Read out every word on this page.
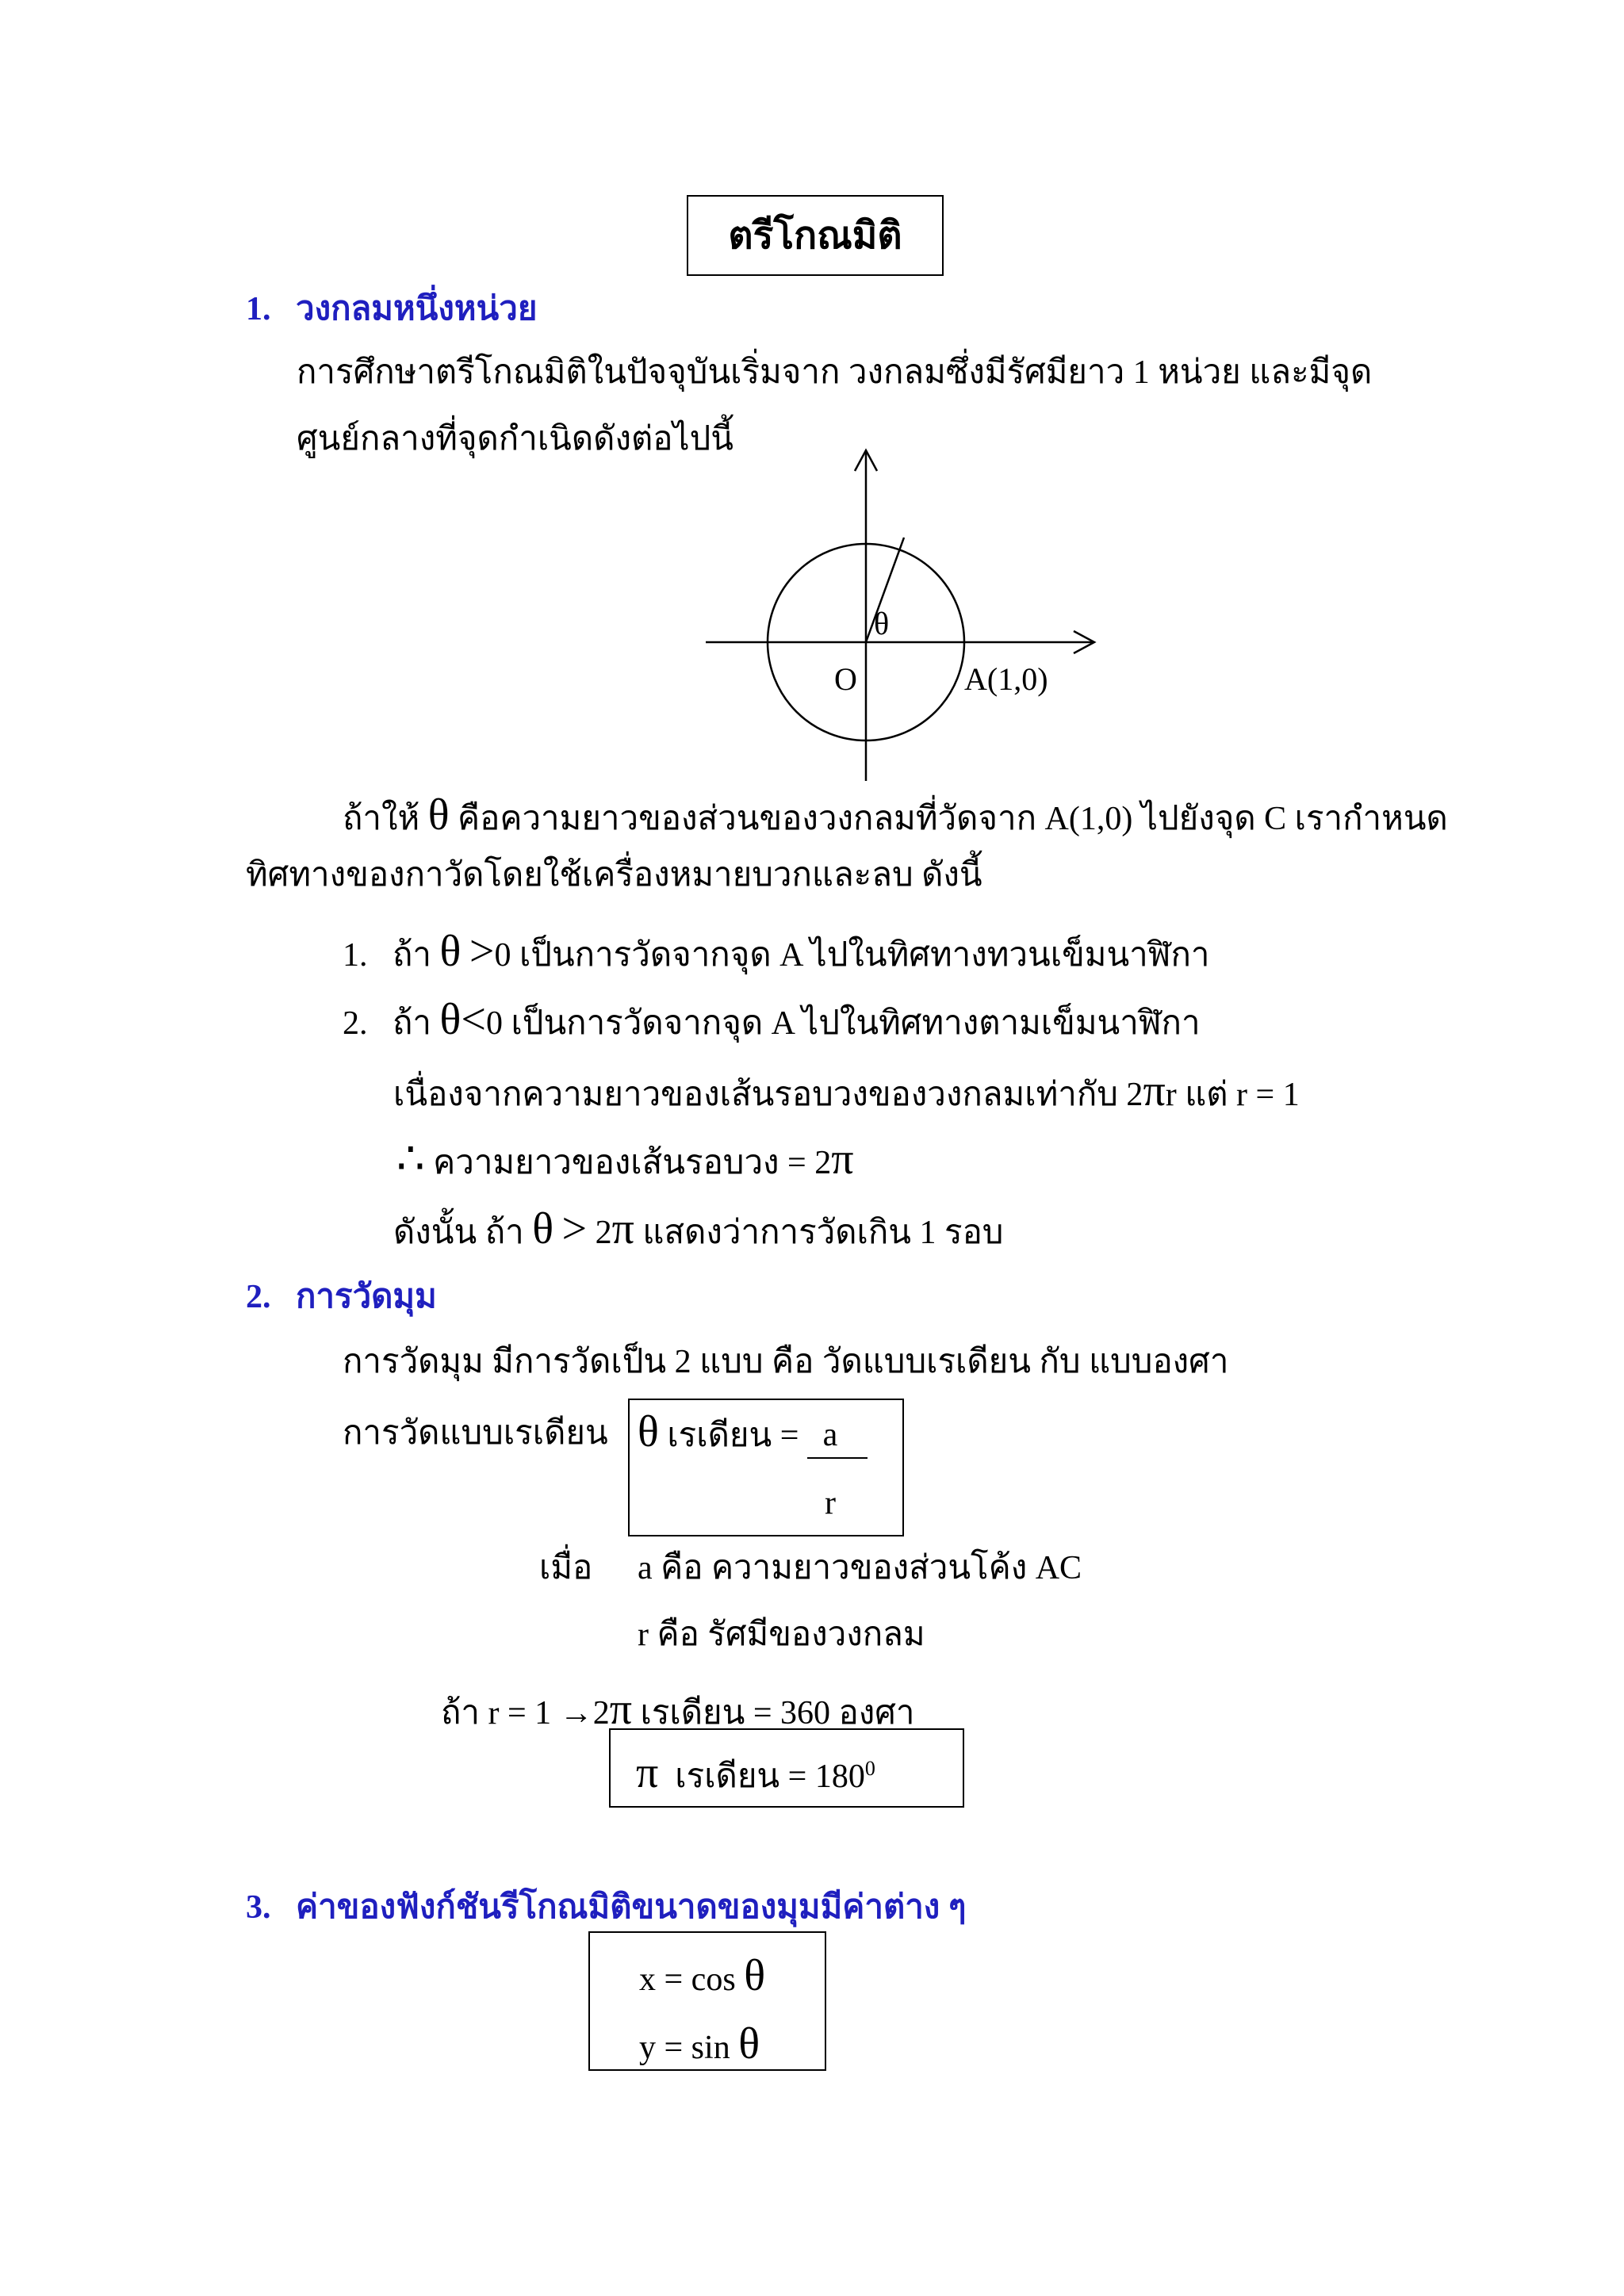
ตรีโกณมิติ
1. วงกลมหนึ่งหน่วย
การศึกษาตรีโกณมิติในปัจจุบันเริ่มจาก วงกลมซึ่งมีรัศมียาว 1 หน่วย และมีจุด
ศูนย์กลางที่จุดกำเนิดดังต่อไปนี้
θ
O	A(1,0)
ถ้าให้ θ คือความยาวของส่วนของวงกลมที่วัดจาก A(1,0) ไปยังจุด C เรากำหนด
ทิศทางของกาวัดโดยใช้เครื่องหมายบวกและลบ ดังนี้
1. ถ้า θ >0 เป็นการวัดจากจุด A ไปในทิศทางทวนเข็มนาฬิกา
2. ถ้า θ<0 เป็นการวัดจากจุด A ไปในทิศทางตามเข็มนาฬิกา
เนื่องจากความยาวของเส้นรอบวงของวงกลมเท่ากับ 2πr แต่ r = 1
∴ ความยาวของเส้นรอบวง = 2π
ดังนั้น ถ้า θ > 2π แสดงว่าการวัดเกิน 1 รอบ
2. การวัดมุม
การวัดมุม มีการวัดเป็น 2 แบบ คือ วัดแบบเรเดียน กับ แบบองศา
การวัดแบบเรเดียน θ เรเดียน = a
r
เมื่อ a คือ ความยาวของส่วนโค้ง AC
r คือ รัศมีของวงกลม
ถ้า r = 1 →2π เรเดียน = 360 องศา
π เรเดียน = $180^0$
3. ค่าของฟังก์ชันรีโกณมิติขนาดของมุมมีค่าต่าง ๆ
x = cos θ
y = sin θ
